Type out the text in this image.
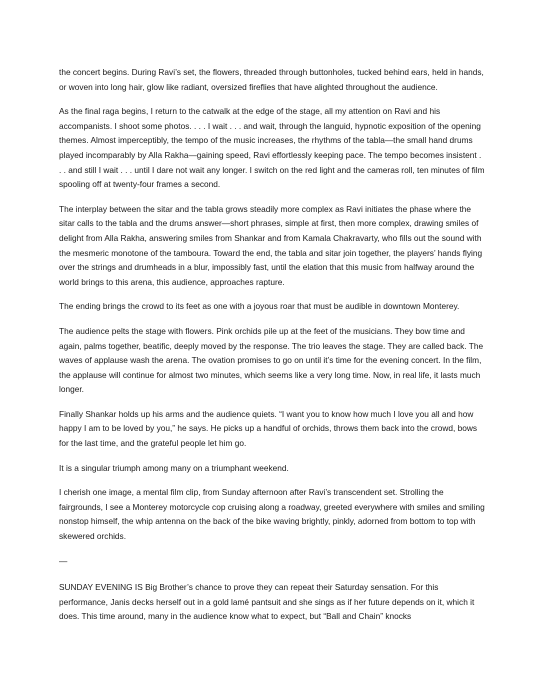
the concert begins. During Ravi’s set, the flowers, threaded through buttonholes, tucked behind ears, held in hands, or woven into long hair, glow like radiant, oversized fireflies that have alighted throughout the audience.

As the final raga begins, I return to the catwalk at the edge of the stage, all my attention on Ravi and his accompanists. I shoot some photos. . . . I wait . . . and wait, through the languid, hypnotic exposition of the opening themes. Almost imperceptibly, the tempo of the music increases, the rhythms of the tabla—the small hand drums played incomparably by Alla Rakha—gaining speed, Ravi effortlessly keeping pace. The tempo becomes insistent . . . and still I wait . . . until I dare not wait any longer. I switch on the red light and the cameras roll, ten minutes of film spooling off at twenty-four frames a second.

The interplay between the sitar and the tabla grows steadily more complex as Ravi initiates the phase where the sitar calls to the tabla and the drums answer—short phrases, simple at first, then more complex, drawing smiles of delight from Alla Rakha, answering smiles from Shankar and from Kamala Chakravarty, who fills out the sound with the mesmeric monotone of the tamboura. Toward the end, the tabla and sitar join together, the players’ hands flying over the strings and drumheads in a blur, impossibly fast, until the elation that this music from halfway around the world brings to this arena, this audience, approaches rapture.

The ending brings the crowd to its feet as one with a joyous roar that must be audible in downtown Monterey.

The audience pelts the stage with flowers. Pink orchids pile up at the feet of the musicians. They bow time and again, palms together, beatific, deeply moved by the response. The trio leaves the stage. They are called back. The waves of applause wash the arena. The ovation promises to go on until it’s time for the evening concert. In the film, the applause will continue for almost two minutes, which seems like a very long time. Now, in real life, it lasts much longer.

Finally Shankar holds up his arms and the audience quiets. “I want you to know how much I love you all and how happy I am to be loved by you,” he says. He picks up a handful of orchids, throws them back into the crowd, bows for the last time, and the grateful people let him go.

It is a singular triumph among many on a triumphant weekend.

I cherish one image, a mental film clip, from Sunday afternoon after Ravi’s transcendent set. Strolling the fairgrounds, I see a Monterey motorcycle cop cruising along a roadway, greeted everywhere with smiles and smiling nonstop himself, the whip antenna on the back of the bike waving brightly, pinkly, adorned from bottom to top with skewered orchids.

—

SUNDAY EVENING IS Big Brother’s chance to prove they can repeat their Saturday sensation. For this performance, Janis decks herself out in a gold lamé pantsuit and she sings as if her future depends on it, which it does. This time around, many in the audience know what to expect, but “Ball and Chain” knocks
